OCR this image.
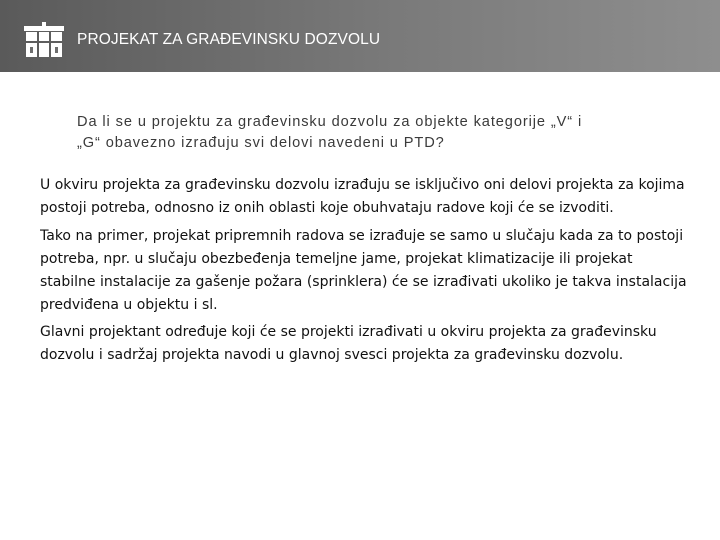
PROJEKAT ZA GRAĐEVINSKU DOZVOLU

Da li se u projektu za građevinsku dozvolu za objekte kategorije „V“ i
„G“ obavezno izrađuju svi delovi navedeni u PTD?

U okviru projekta za građevinsku dozvolu izrađuju se isključivo oni delovi projekta za kojima
postoji potreba, odnosno iz onih oblasti koje obuhvataju radove koji će se izvoditi.

Tako na primer, projekat pripremnih radova se izrađuje se samo u slučaju kada za to postoji
potreba, npr. u slučaju obezbeđenja temeljne jame, projekat klimatizacije ili projekat
stabilne instalacije za gašenje požara (sprinklera) će se izrađivati ukoliko je takva instalacija
predviđena u objektu i sl.

Glavni projektant određuje koji će se projekti izrađivati u okviru projekta za građevinsku
dozvolu i sadržaj projekta navodi u glavnoj svesci projekta za građevinsku dozvolu.
